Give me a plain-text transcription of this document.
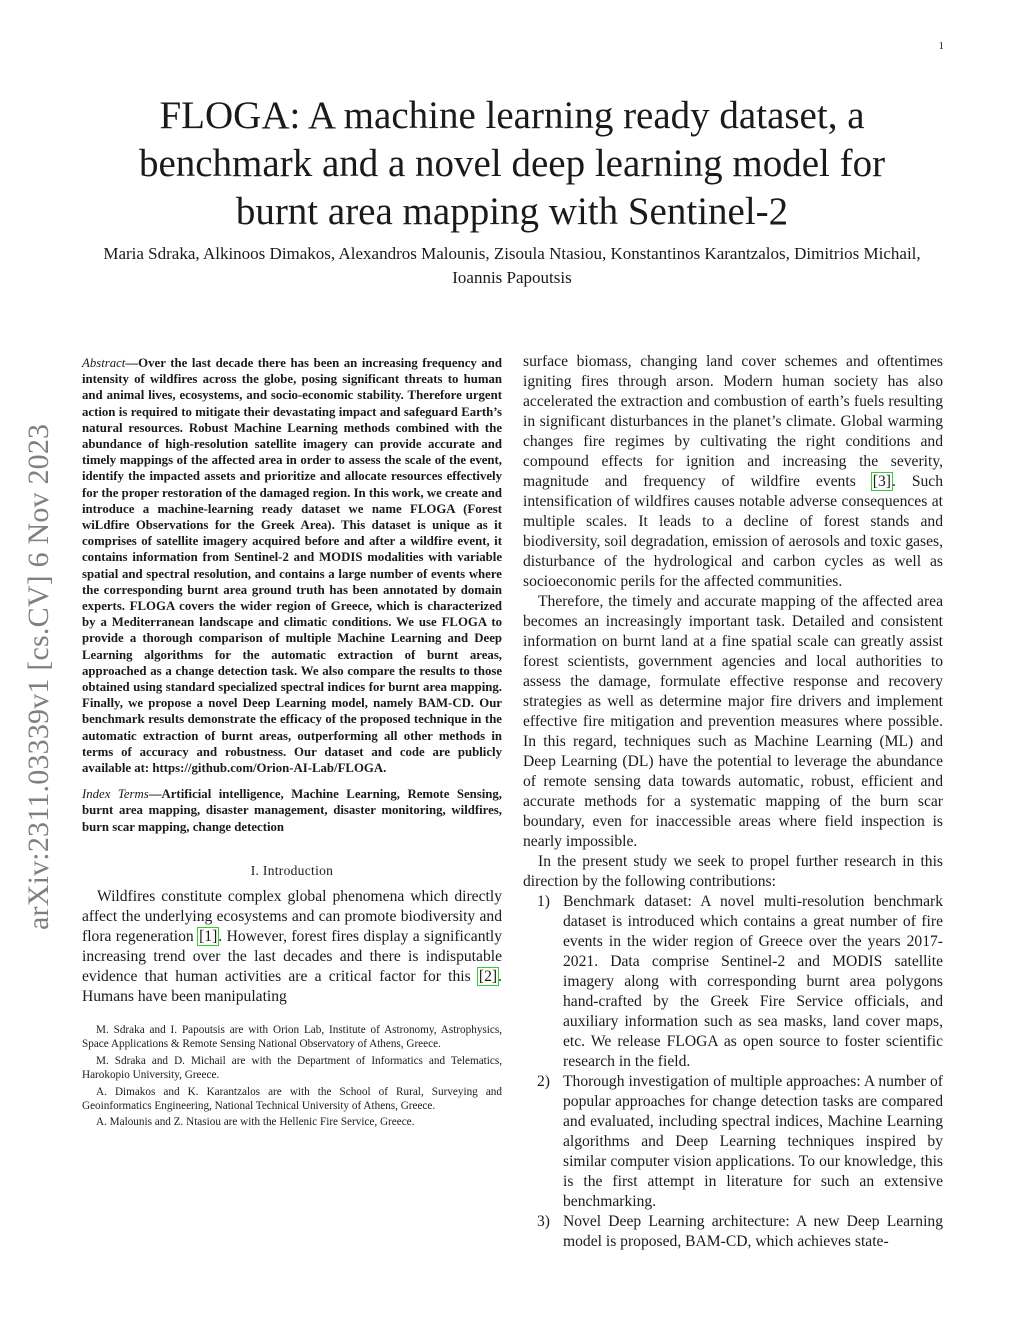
1
arXiv:2311.03339v1 [cs.CV] 6 Nov 2023
FLOGA: A machine learning ready dataset, a benchmark and a novel deep learning model for burnt area mapping with Sentinel-2
Maria Sdraka, Alkinoos Dimakos, Alexandros Malounis, Zisoula Ntasiou, Konstantinos Karantzalos, Dimitrios Michail, Ioannis Papoutsis

Abstract—Over the last decade there has been an increasing frequency and intensity of wildfires across the globe, posing significant threats to human and animal lives, ecosystems, and socio-economic stability. Therefore urgent action is required to mitigate their devastating impact and safeguard Earth’s natural resources. Robust Machine Learning methods combined with the abundance of high-resolution satellite imagery can provide accurate and timely mappings of the affected area in order to assess the scale of the event, identify the impacted assets and prioritize and allocate resources effectively for the proper restoration of the damaged region. In this work, we create and introduce a machine-learning ready dataset we name FLOGA (Forest wiLdfire Observations for the Greek Area). This dataset is unique as it comprises of satellite imagery acquired before and after a wildfire event, it contains information from Sentinel-2 and MODIS modalities with variable spatial and spectral resolution, and contains a large number of events where the corresponding burnt area ground truth has been annotated by domain experts. FLOGA covers the wider region of Greece, which is characterized by a Mediterranean landscape and climatic conditions. We use FLOGA to provide a thorough comparison of multiple Machine Learning and Deep Learning algorithms for the automatic extraction of burnt areas, approached as a change detection task. We also compare the results to those obtained using standard specialized spectral indices for burnt area mapping. Finally, we propose a novel Deep Learning model, namely BAM-CD. Our benchmark results demonstrate the efficacy of the proposed technique in the automatic extraction of burnt areas, outperforming all other methods in terms of accuracy and robustness. Our dataset and code are publicly available at: https://github.com/Orion-AI-Lab/FLOGA.

Index Terms—Artificial intelligence, Machine Learning, Remote Sensing, burnt area mapping, disaster management, disaster monitoring, wildfires, burn scar mapping, change detection

I. Introduction

Wildfires constitute complex global phenomena which directly affect the underlying ecosystems and can promote biodiversity and flora regeneration [1]. However, forest fires display a significantly increasing trend over the last decades and there is indisputable evidence that human activities are a critical factor for this [2]. Humans have been manipulating

M. Sdraka and I. Papoutsis are with Orion Lab, Institute of Astronomy, Astrophysics, Space Applications & Remote Sensing National Observatory of Athens, Greece.

M. Sdraka and D. Michail are with the Department of Informatics and Telematics, Harokopio University, Greece.

A. Dimakos and K. Karantzalos are with the School of Rural, Surveying and Geoinformatics Engineering, National Technical University of Athens, Greece.

A. Malounis and Z. Ntasiou are with the Hellenic Fire Service, Greece.

surface biomass, changing land cover schemes and oftentimes igniting fires through arson. Modern human society has also accelerated the extraction and combustion of earth’s fuels resulting in significant disturbances in the planet’s climate. Global warming changes fire regimes by cultivating the right conditions and compound effects for ignition and increasing the severity, magnitude and frequency of wildfire events [3]. Such intensification of wildfires causes notable adverse consequences at multiple scales. It leads to a decline of forest stands and biodiversity, soil degradation, emission of aerosols and toxic gases, disturbance of the hydrological and carbon cycles as well as socioeconomic perils for the affected communities.

Therefore, the timely and accurate mapping of the affected area becomes an increasingly important task. Detailed and consistent information on burnt land at a fine spatial scale can greatly assist forest scientists, government agencies and local authorities to assess the damage, formulate effective response and recovery strategies as well as determine major fire drivers and implement effective fire mitigation and prevention measures where possible. In this regard, techniques such as Machine Learning (ML) and Deep Learning (DL) have the potential to leverage the abundance of remote sensing data towards automatic, robust, efficient and accurate methods for a systematic mapping of the burn scar boundary, even for inaccessible areas where field inspection is nearly impossible.

In the present study we seek to propel further research in this direction by the following contributions:

1) Benchmark dataset: A novel multi-resolution benchmark dataset is introduced which contains a great number of fire events in the wider region of Greece over the years 2017-2021. Data comprise Sentinel-2 and MODIS satellite imagery along with corresponding burnt area polygons hand-crafted by the Greek Fire Service officials, and auxiliary information such as sea masks, land cover maps, etc. We release FLOGA as open source to foster scientific research in the field.
2) Thorough investigation of multiple approaches: A number of popular approaches for change detection tasks are compared and evaluated, including spectral indices, Machine Learning algorithms and Deep Learning techniques inspired by similar computer vision applications. To our knowledge, this is the first attempt in literature for such an extensive benchmarking.
3) Novel Deep Learning architecture: A new Deep Learning model is proposed, BAM-CD, which achieves state-
